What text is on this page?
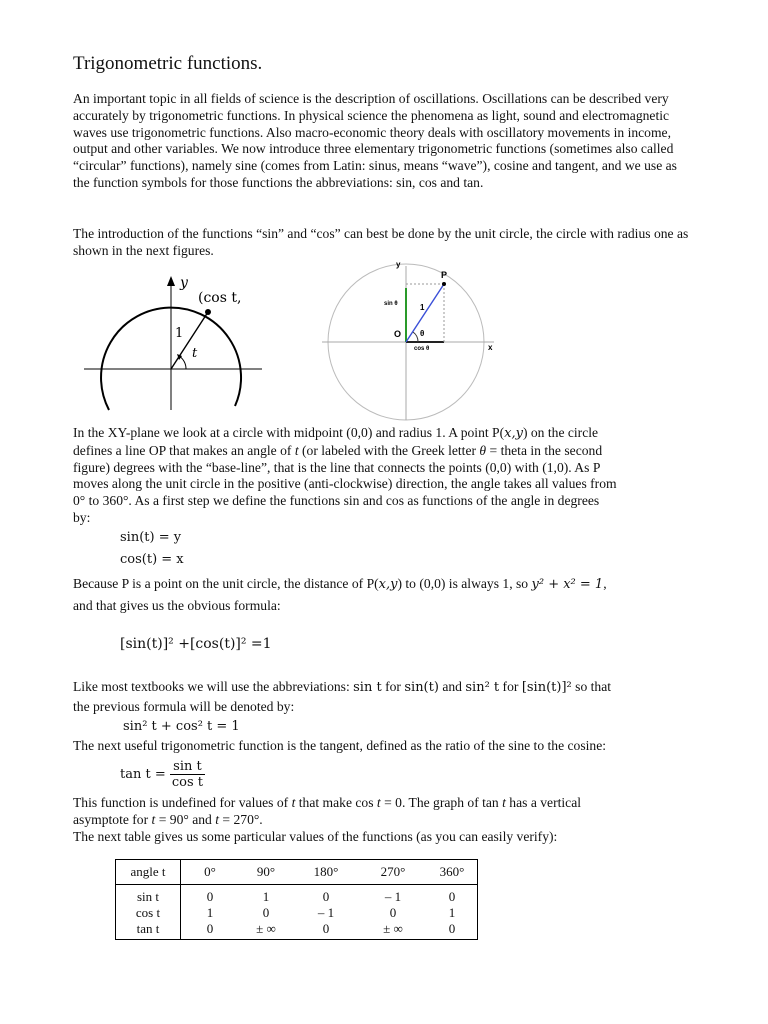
Trigonometric functions.
An important topic in all fields of science is the description of oscillations. Oscillations can be described very accurately by trigonometric functions. In physical science the phenomena as light, sound and electromagnetic waves use trigonometric functions. Also macro-economic theory deals with oscillatory movements in income, output and other variables. We now introduce three elementary trigonometric functions (sometimes also called “circular” functions), namely sine (comes from Latin: sinus, means “wave”), cosine and tangent, and we use as the function symbols for those functions the abbreviations: sin, cos and tan.
The introduction of the functions “sin” and “cos” can best be done by the unit circle, the circle with radius one as shown in the next figures.
y
(cos t,
1
t
y
x
P
O
sin θ
cos θ
1
θ
In the XY-plane we look at a circle with midpoint (0,0) and radius 1. A point P(x,y) on the circle
defines a line OP that makes an angle of t (or labeled with the Greek letter θ = theta in the second
figure) degrees with the “base-line”, that is the line that connects the points (0,0) with (1,0). As P
moves along the unit circle in the positive (anti-clockwise) direction, the angle takes all values from
0° to 360°. As a first step we define the functions sin and cos as functions of the angle in degrees
by:
sin(t) = y
cos(t) = x
Because P is a point on the unit circle, the distance of P(x,y) to (0,0) is always 1, so y² + x² = 1,
and that gives us the obvious formula:
[sin(t)]² +[cos(t)]² =1
Like most textbooks we will use the abbreviations: sin t for sin(t) and sin² t for [sin(t)]² so that
the previous formula will be denoted by:
sin² t + cos² t = 1
The next useful trigonometric function is the tangent, defined as the ratio of the sine to the cosine:
$\tan t = \frac{\text{sin t}}{\text{cos t}}$
This function is undefined for values of t that make cos t = 0. The graph of tan t has a vertical
asymptote for t = 90° and t = 270°.
The next table gives us some particular values of the functions (as you can easily verify):
angle t	0°	90°	180°	270°	360°
sin t	0	1	0	– 1	0
cos t	1	0	– 1	0	1
tan t	0	± ∞	0	± ∞	0
